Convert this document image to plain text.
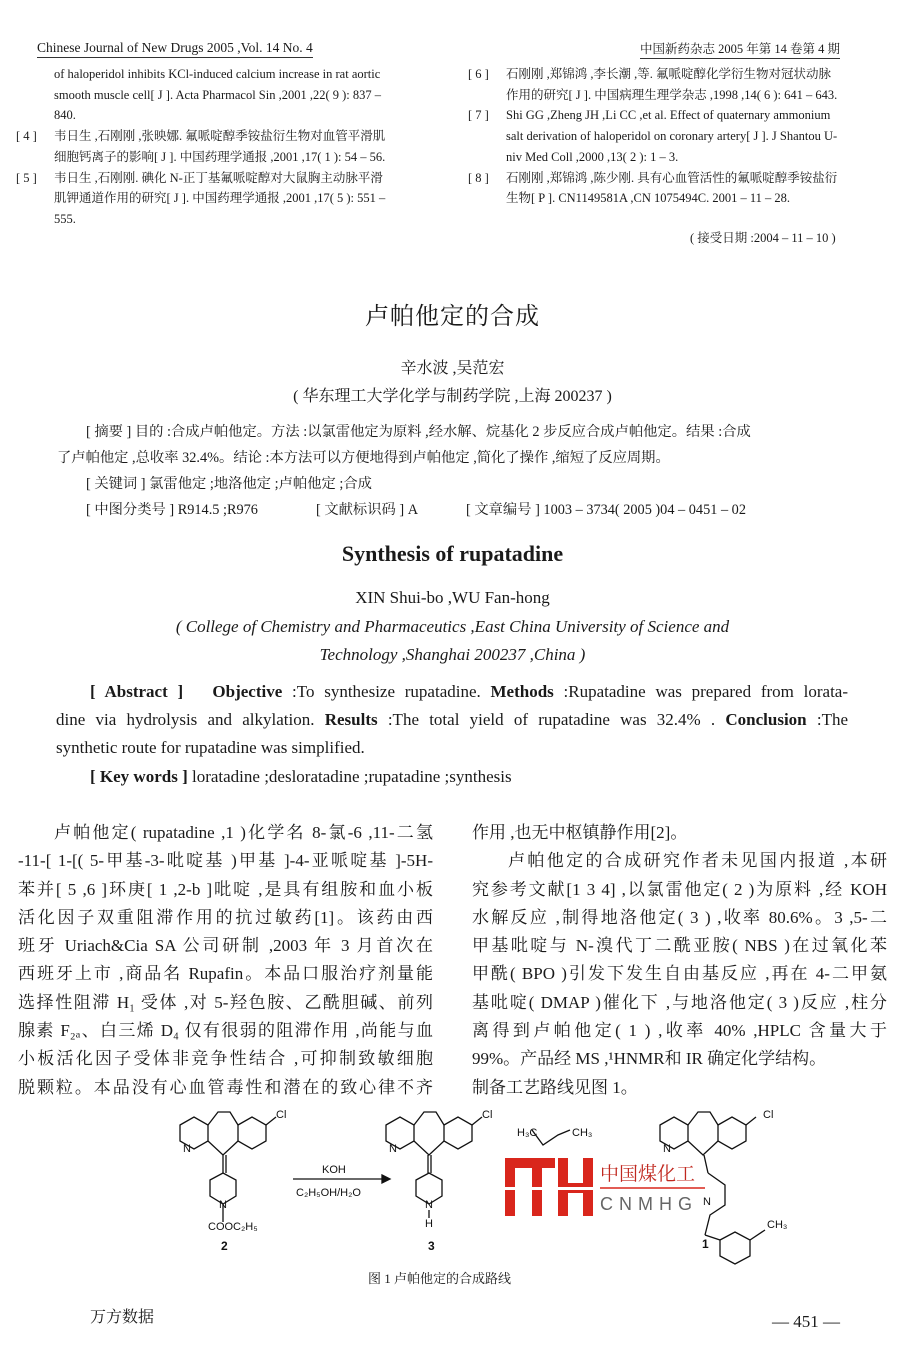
Chinese Journal of New Drugs 2005 ,Vol. 14 No. 4	中国新药杂志 2005 年第 14 卷第 4 期
of haloperidol inhibits KCl-induced calcium increase in rat aortic
smooth muscle cell[ J ]. Acta Pharmacol Sin ,2001 ,22( 9 ): 837 –
840.
[ 4 ] 韦日生 ,石刚刚 ,张映娜. 氟哌啶醇季铵盐衍生物对血管平滑肌
细胞钙离子的影响[ J ]. 中国药理学通报 ,2001 ,17( 1 ): 54 – 56.
[ 5 ] 韦日生 ,石刚刚. 碘化 N-正丁基氟哌啶醇对大鼠胸主动脉平滑
肌钾通道作用的研究[ J ]. 中国药理学通报 ,2001 ,17( 5 ): 551 –
555.
[ 6 ] 石刚刚 ,郑锦鸿 ,李长潮 ,等. 氟哌啶醇化学衍生物对冠状动脉
作用的研究[ J ]. 中国病理生理学杂志 ,1998 ,14( 6 ): 641 – 643.
[ 7 ] Shi GG ,Zheng JH ,Li CC ,et al. Effect of quaternary ammonium
salt derivation of haloperidol on coronary artery[ J ]. J Shantou U-
niv Med Coll ,2000 ,13( 2 ): 1 – 3.
[ 8 ] 石刚刚 ,郑锦鸿 ,陈少刚. 具有心血管活性的氟哌啶醇季铵盐衍
生物[ P ]. CN1149581A ,CN 1075494C. 2001 – 11 – 28.
( 接受日期 :2004 – 11 – 10 )
卢帕他定的合成
辛水波 ,吴范宏
( 华东理工大学化学与制药学院 ,上海 200237 )
[ 摘要 ] 目的 :合成卢帕他定。方法 :以氯雷他定为原料 ,经水解、烷基化 2 步反应合成卢帕他定。结果 :合成
了卢帕他定 ,总收率 32.4%。结论 :本方法可以方便地得到卢帕他定 ,简化了操作 ,缩短了反应周期。
[ 关键词 ] 氯雷他定 ;地洛他定 ;卢帕他定 ;合成
[ 中图分类号 ] R914.5 ;R976	[ 文献标识码 ] A	[ 文章编号 ] 1003 – 3734( 2005 )04 – 0451 – 02
Synthesis of rupatadine
XIN Shui-bo ,WU Fan-hong
( College of Chemistry and Pharmaceutics ,East China University of Science and
Technology ,Shanghai 200237 ,China )
[ Abstract ] Objective :To synthesize rupatadine. Methods :Rupatadine was prepared from lorata-
dine via hydrolysis and alkylation. Results :The total yield of rupatadine was 32.4% . Conclusion :The
synthetic route for rupatadine was simplified.
[ Key words ] loratadine ;desloratadine ;rupatadine ;synthesis
卢帕他定( rupatadine ,1 )化学名 8-氯-6 ,11-二氢
-11-[ 1-[( 5-甲基-3-吡啶基 )甲基 ]-4-亚哌啶基 ]-5H-
苯并[ 5 ,6 ]环庚[ 1 ,2-b ]吡啶 ,是具有组胺和血小板
活化因子双重阻滞作用的抗过敏药[1]。该药由西
班牙 Uriach&Cia SA 公司研制 ,2003 年 3 月首次在
西班牙上市 ,商品名 Rupafin。本品口服治疗剂量能
选择性阻滞 H₁ 受体 ,对 5-羟色胺、乙酰胆碱、前列
腺素 F₂ₐ、白三烯 D₄ 仅有很弱的阻滞作用 ,尚能与血
小板活化因子受体非竞争性结合 ,可抑制致敏细胞
脱颗粒。本品没有心血管毒性和潜在的致心律不齐
作用 ,也无中枢镇静作用[2]。
卢帕他定的合成研究作者未见国内报道 ,本研
究参考文献[1 3 4] ,以氯雷他定( 2 )为原料 ,经 KOH
水解反应 ,制得地洛他定( 3 ) ,收率 80.6%。3 ,5-二
甲基吡啶与 N-溴代丁二酰亚胺( NBS )在过氧化苯
甲酰( BPO )引发下发生自由基反应 ,再在 4-二甲氨
基吡啶( DMAP )催化下 ,与地洛他定( 3 )反应 ,柱分
离得到卢帕他定( 1 ) ,收率 40% ,HPLC 含量大于
99%。产品经 MS ,¹HNMR和 IR 确定化学结构。
制备工艺路线见图 1。
Cl
N
N
COOC₂H₅
2
KOH
C₂H₅OH/H₂O
Cl
N
N
H
3
H₃C	CH₃
Cl
N
N
CH₃
1
中国煤化工
CNMHG
图 1 卢帕他定的合成路线
万方数据	— 451 —
